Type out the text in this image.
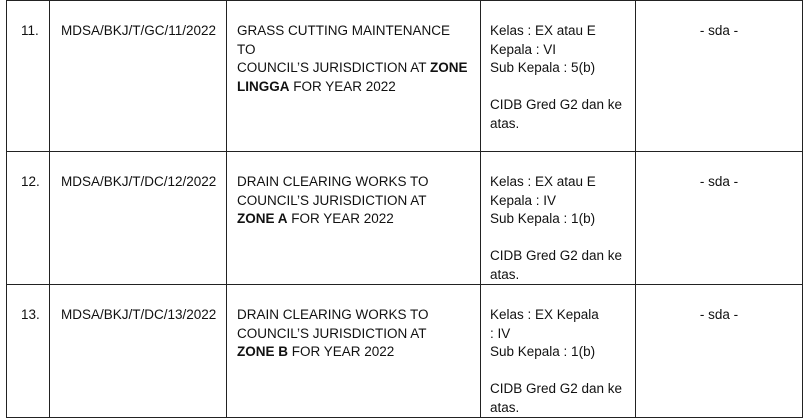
11.	MDSA/BKJ/T/GC/11/2022	GRASS CUTTING MAINTENANCE TO
COUNCIL’S JURISDICTION AT ZONE
LINGGA FOR YEAR 2022	Kelas : EX atau E
Kepala : VI
Sub Kepala : 5(b)
CIDB Gred G2 dan ke
atas.	- sda -

12.	MDSA/BKJ/T/DC/12/2022	DRAIN CLEARING WORKS TO
COUNCIL’S JURISDICTION AT
ZONE A FOR YEAR 2022	Kelas : EX atau E
Kepala : IV
Sub Kepala : 1(b)
CIDB Gred G2 dan ke
atas.	- sda -

13.	MDSA/BKJ/T/DC/13/2022	DRAIN CLEARING WORKS TO
COUNCIL’S JURISDICTION AT
ZONE B FOR YEAR 2022	Kelas : EX Kepala
: IV
Sub Kepala : 1(b)
CIDB Gred G2 dan ke
atas.	- sda -
